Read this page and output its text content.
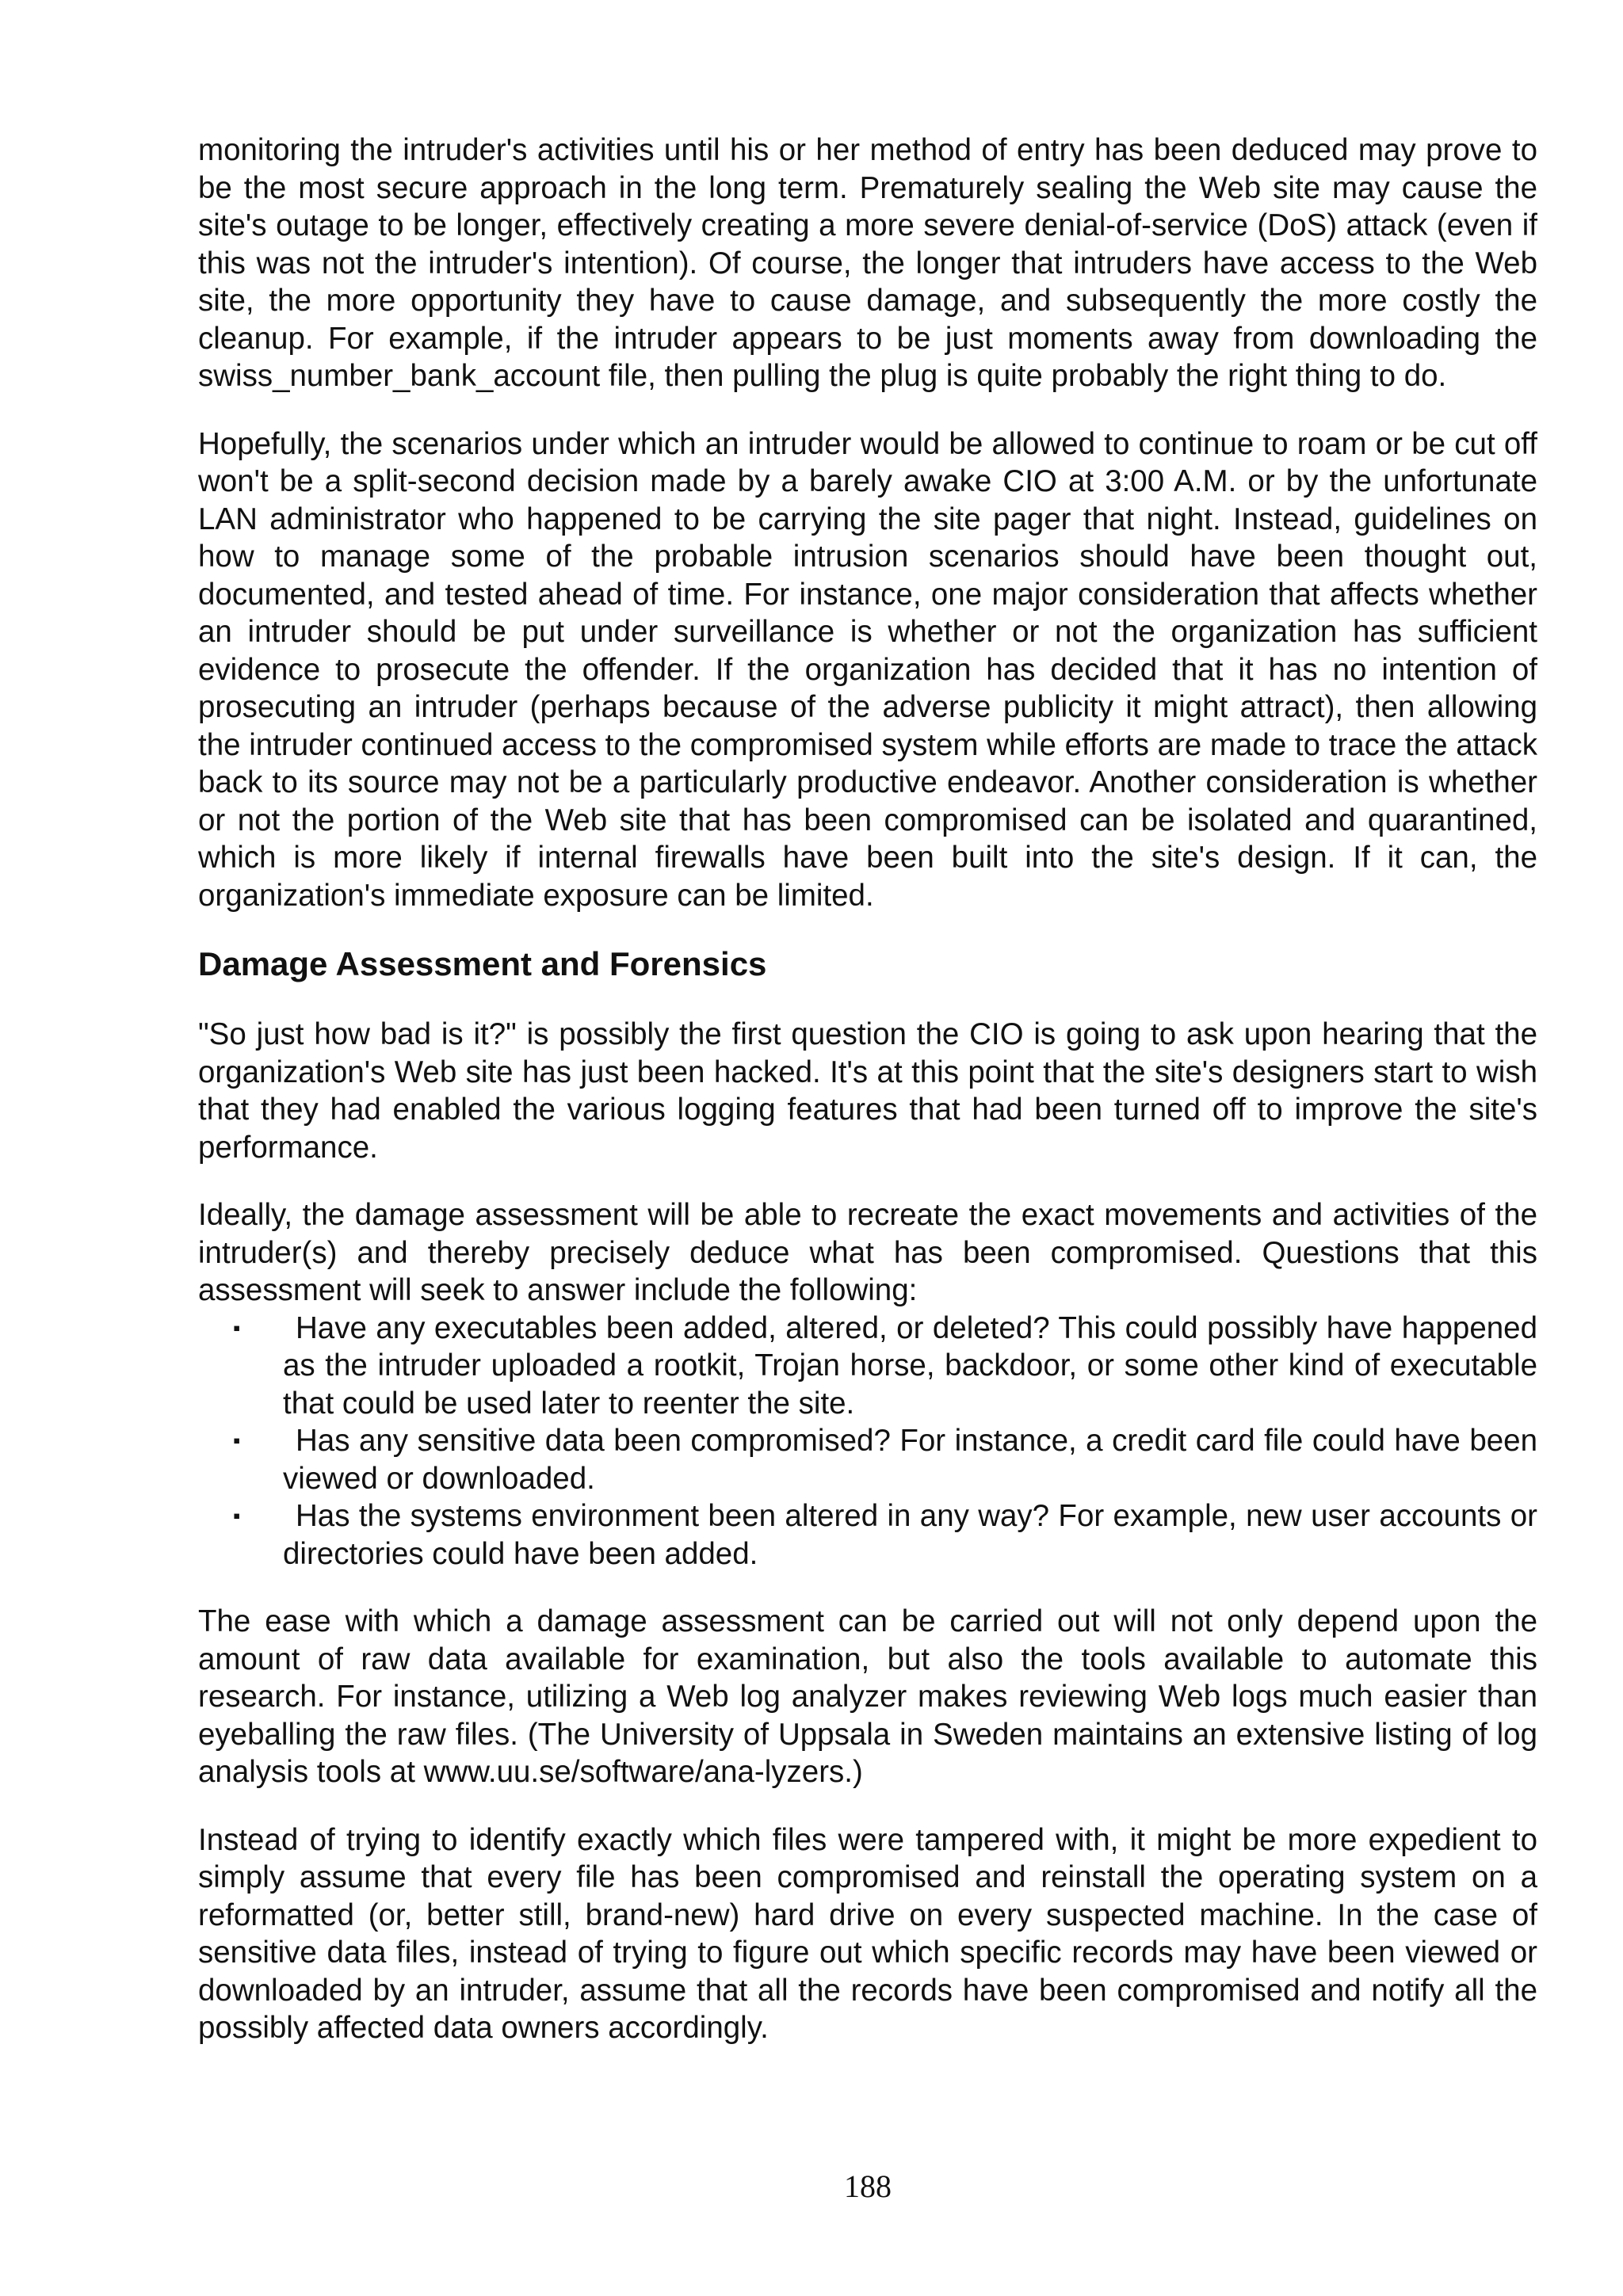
monitoring the intruder's activities until his or her method of entry has been deduced may prove to be the most secure approach in the long term. Prematurely sealing the Web site may cause the site's outage to be longer, effectively creating a more severe denial-of-service (DoS) attack (even if this was not the intruder's intention). Of course, the longer that intruders have access to the Web site, the more opportunity they have to cause damage, and subsequently the more costly the cleanup. For example, if the intruder appears to be just moments away from downloading the swiss_number_bank_account file, then pulling the plug is quite probably the right thing to do.

Hopefully, the scenarios under which an intruder would be allowed to continue to roam or be cut off won't be a split-second decision made by a barely awake CIO at 3:00 A.M. or by the unfortunate LAN administrator who happened to be carrying the site pager that night. Instead, guidelines on how to manage some of the probable intrusion scenarios should have been thought out, documented, and tested ahead of time. For instance, one major consideration that affects whether an intruder should be put under surveillance is whether or not the organization has sufficient evidence to prosecute the offender. If the organization has decided that it has no intention of prosecuting an intruder (perhaps because of the adverse publicity it might attract), then allowing the intruder continued access to the compromised system while efforts are made to trace the attack back to its source may not be a particularly productive endeavor. Another consideration is whether or not the portion of the Web site that has been compromised can be isolated and quarantined, which is more likely if internal firewalls have been built into the site's design. If it can, the organization's immediate exposure can be limited.

Damage Assessment and Forensics

"So just how bad is it?" is possibly the first question the CIO is going to ask upon hearing that the organization's Web site has just been hacked. It's at this point that the site's designers start to wish that they had enabled the various logging features that had been turned off to improve the site's performance.

Ideally, the damage assessment will be able to recreate the exact movements and activities of the intruder(s) and thereby precisely deduce what has been compromised. Questions that this assessment will seek to answer include the following:

▪	Have any executables been added, altered, or deleted? This could possibly have happened as the intruder uploaded a rootkit, Trojan horse, backdoor, or some other kind of executable that could be used later to reenter the site.
▪	Has any sensitive data been compromised? For instance, a credit card file could have been viewed or downloaded.
▪	Has the systems environment been altered in any way? For example, new user accounts or directories could have been added.

The ease with which a damage assessment can be carried out will not only depend upon the amount of raw data available for examination, but also the tools available to automate this research. For instance, utilizing a Web log analyzer makes reviewing Web logs much easier than eyeballing the raw files. (The University of Uppsala in Sweden maintains an extensive listing of log analysis tools at www.uu.se/software/ana-lyzers.)

Instead of trying to identify exactly which files were tampered with, it might be more expedient to simply assume that every file has been compromised and reinstall the operating system on a reformatted (or, better still, brand-new) hard drive on every suspected machine. In the case of sensitive data files, instead of trying to figure out which specific records may have been viewed or downloaded by an intruder, assume that all the records have been compromised and notify all the possibly affected data owners accordingly.

188
